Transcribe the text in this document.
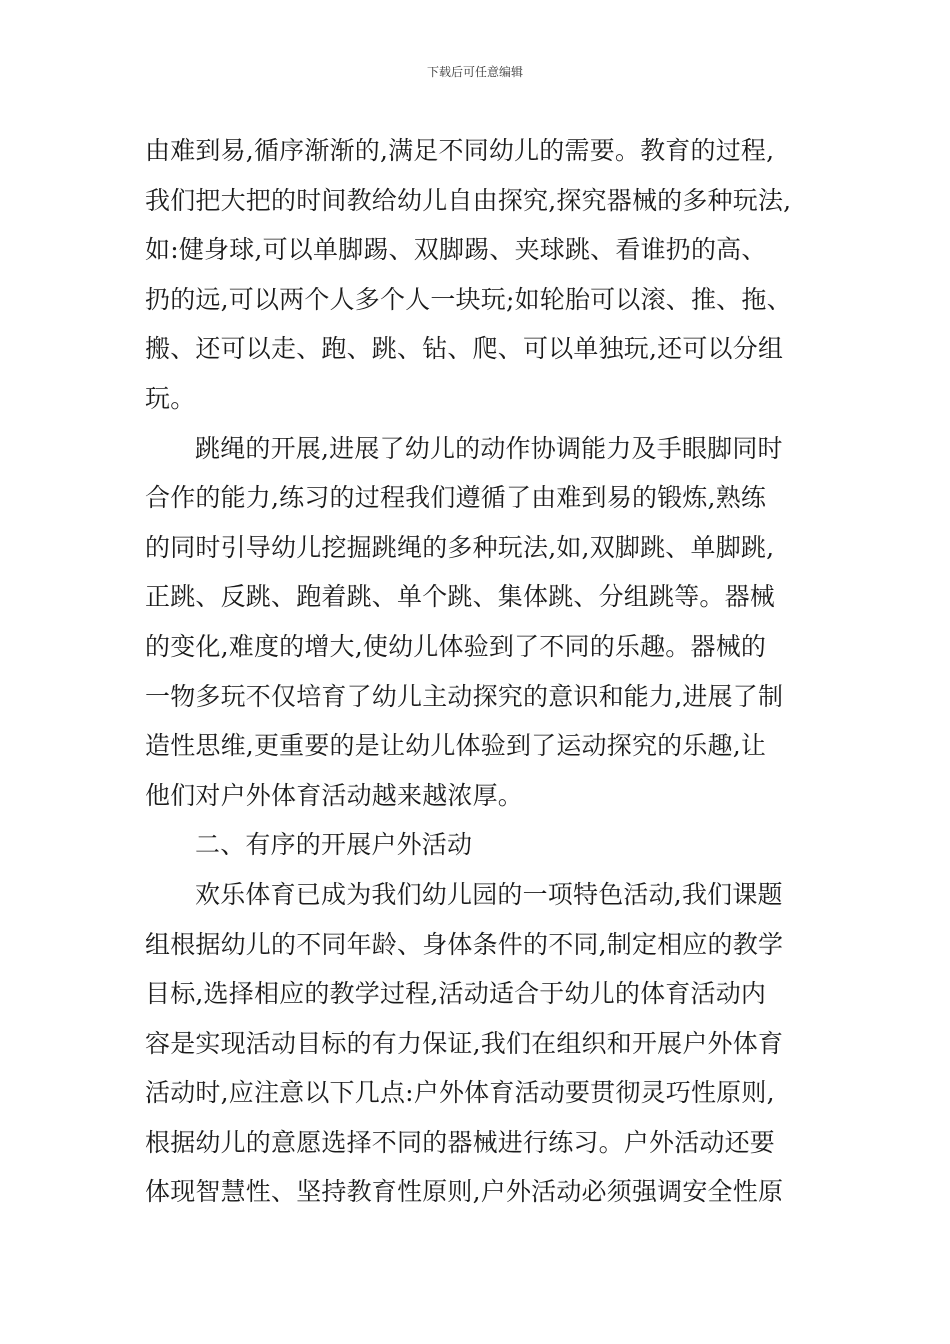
下载后可任意编辑
由难到易,循序渐渐的,满足不同幼儿的需要。教育的过程,
我们把大把的时间教给幼儿自由探究,探究器械的多种玩法,
如:健身球,可以单脚踢、双脚踢、夹球跳、看谁扔的高、
扔的远,可以两个人多个人一块玩;如轮胎可以滚、推、拖、
搬、还可以走、跑、跳、钻、爬、可以单独玩,还可以分组
玩。
跳绳的开展,进展了幼儿的动作协调能力及手眼脚同时
合作的能力,练习的过程我们遵循了由难到易的锻炼,熟练
的同时引导幼儿挖掘跳绳的多种玩法,如,双脚跳、单脚跳,
正跳、反跳、跑着跳、单个跳、集体跳、分组跳等。器械
的变化,难度的增大,使幼儿体验到了不同的乐趣。器械的
一物多玩不仅培育了幼儿主动探究的意识和能力,进展了制
造性思维,更重要的是让幼儿体验到了运动探究的乐趣,让
他们对户外体育活动越来越浓厚。
二、有序的开展户外活动
欢乐体育已成为我们幼儿园的一项特色活动,我们课题
组根据幼儿的不同年龄、身体条件的不同,制定相应的教学
目标,选择相应的教学过程,活动适合于幼儿的体育活动内
容是实现活动目标的有力保证,我们在组织和开展户外体育
活动时,应注意以下几点:户外体育活动要贯彻灵巧性原则,
根据幼儿的意愿选择不同的器械进行练习。户外活动还要
体现智慧性、坚持教育性原则,户外活动必须强调安全性原
